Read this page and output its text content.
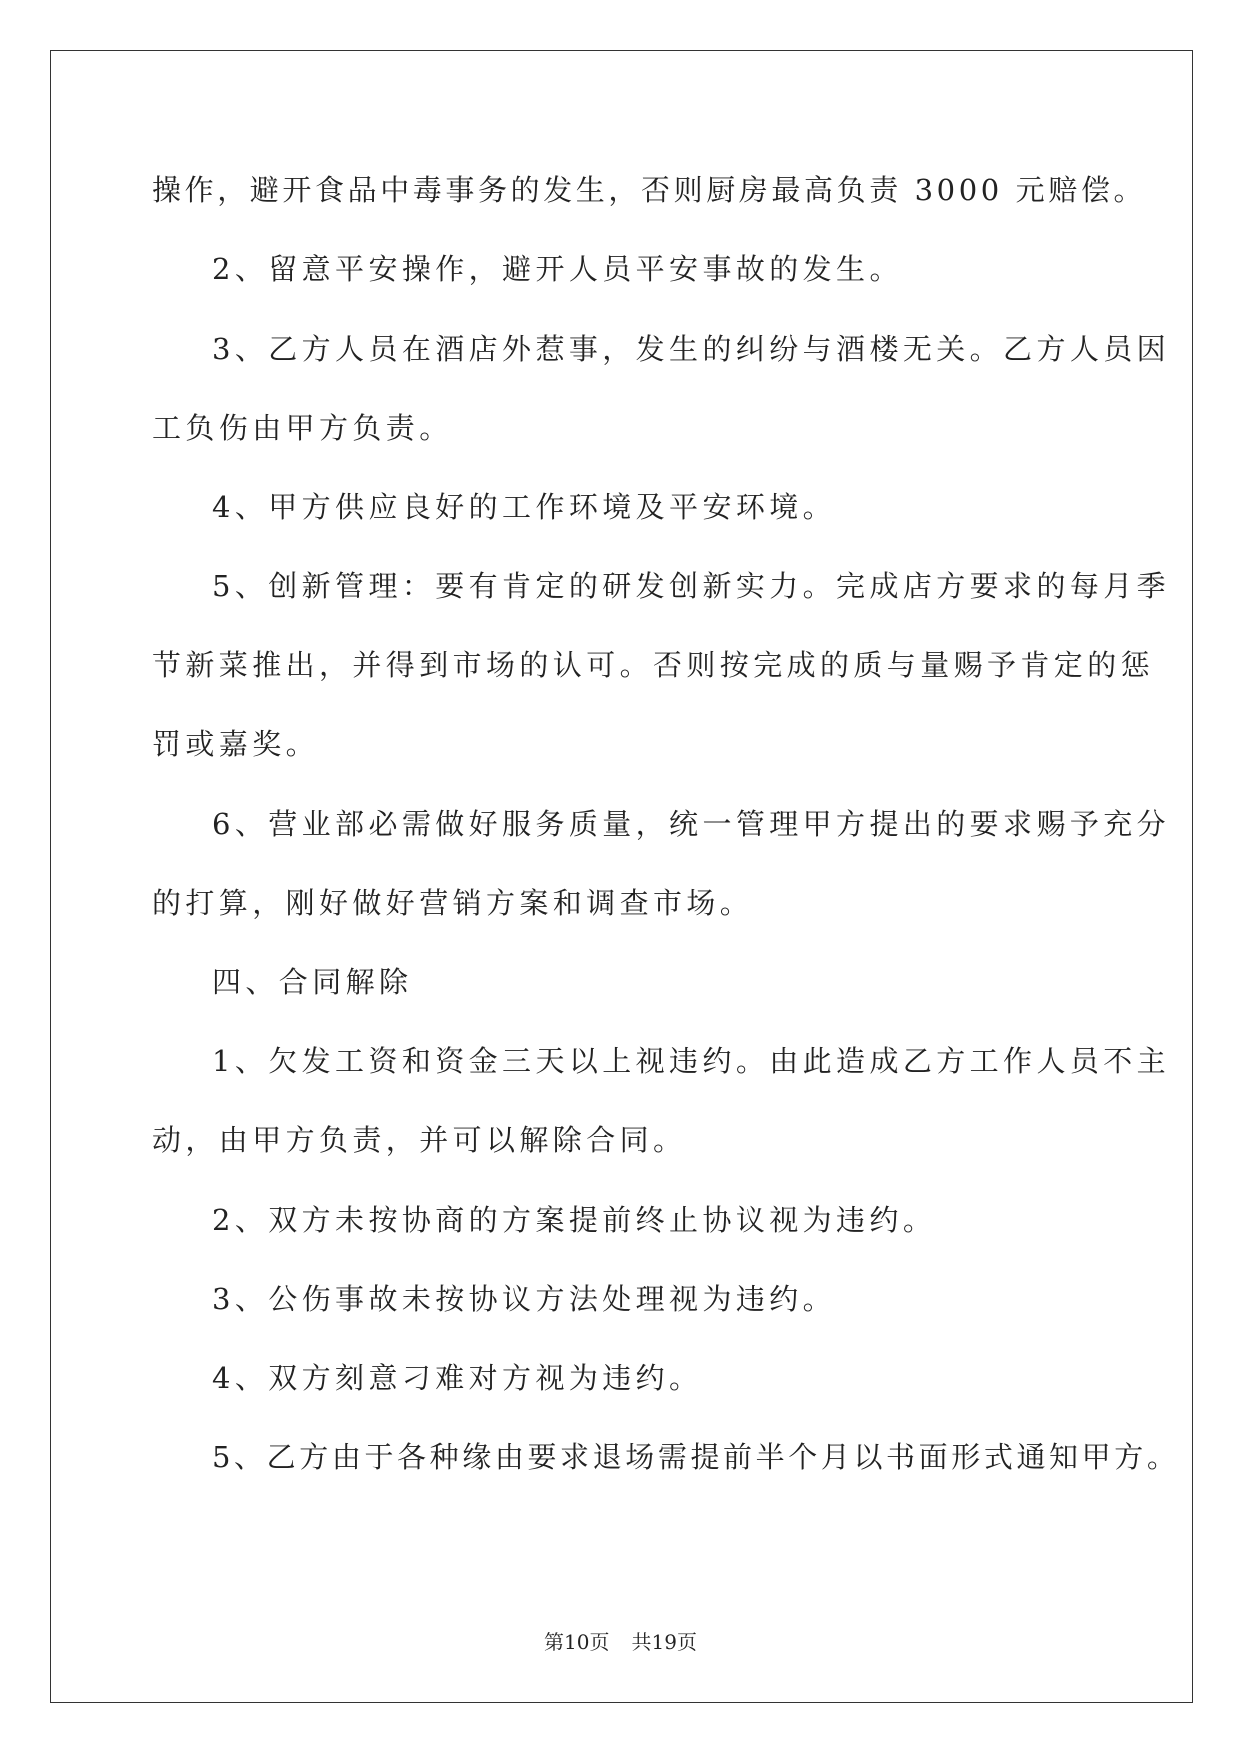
操作，避开食品中毒事务的发生，否则厨房最高负责 3000 元赔偿。

2、留意平安操作，避开人员平安事故的发生。

3、乙方人员在酒店外惹事，发生的纠纷与酒楼无关。乙方人员因

工负伤由甲方负责。

4、甲方供应良好的工作环境及平安环境。

5、创新管理：要有肯定的研发创新实力。完成店方要求的每月季

节新菜推出，并得到市场的认可。否则按完成的质与量赐予肯定的惩

罚或嘉奖。

6、营业部必需做好服务质量，统一管理甲方提出的要求赐予充分

的打算，刚好做好营销方案和调查市场。

四、合同解除

1、欠发工资和资金三天以上视违约。由此造成乙方工作人员不主

动，由甲方负责，并可以解除合同。

2、双方未按协商的方案提前终止协议视为违约。

3、公伤事故未按协议方法处理视为违约。

4、双方刻意刁难对方视为违约。

5、乙方由于各种缘由要求退场需提前半个月以书面形式通知甲方。

第10页 共19页
